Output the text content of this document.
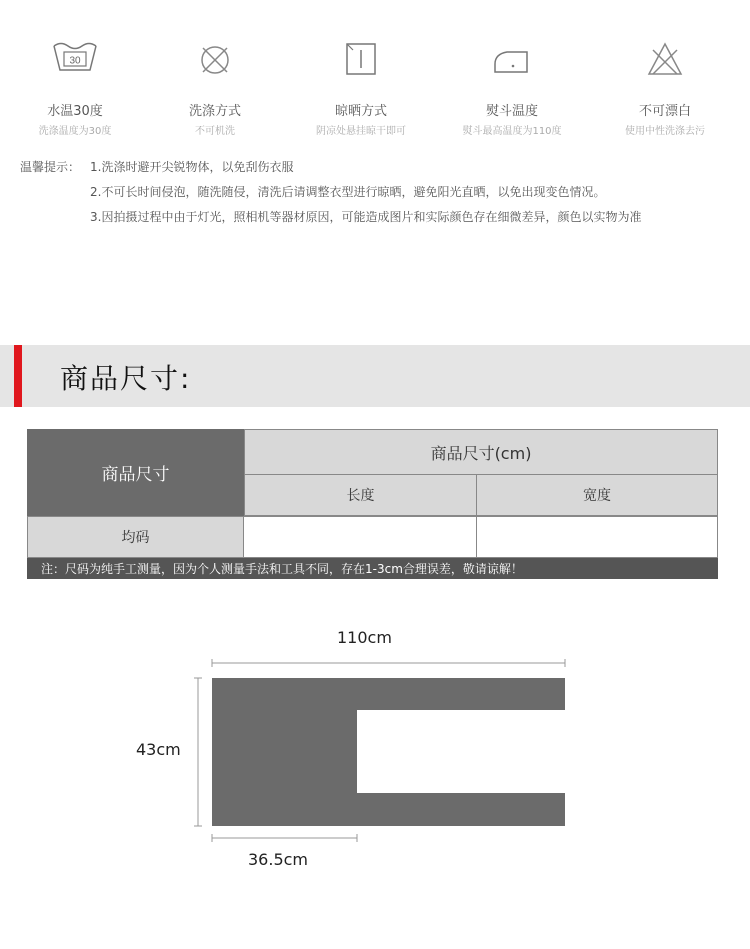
30
水温30度
洗涤温度为30度
洗涤方式
不可机洗
晾晒方式
阴凉处悬挂晾干即可
熨斗温度
熨斗最高温度为110度
不可漂白
使用中性洗涤去污
温馨提示： 1.洗涤时避开尖锐物体，以免刮伤衣服
2.不可长时间侵泡，随洗随侵，清洗后请调整衣型进行晾晒，避免阳光直晒，以免出现变色情况。
3.因拍摄过程中由于灯光，照相机等器材原因，可能造成图片和实际颜色存在细微差异，颜色以实物为准
商品尺寸:
商品尺寸
商品尺寸(cm)
长度	宽度
均码
注：尺码为纯手工测量，因为个人测量手法和工具不同，存在1-3cm合理误差，敬请谅解！
110cm
43cm
36.5cm
